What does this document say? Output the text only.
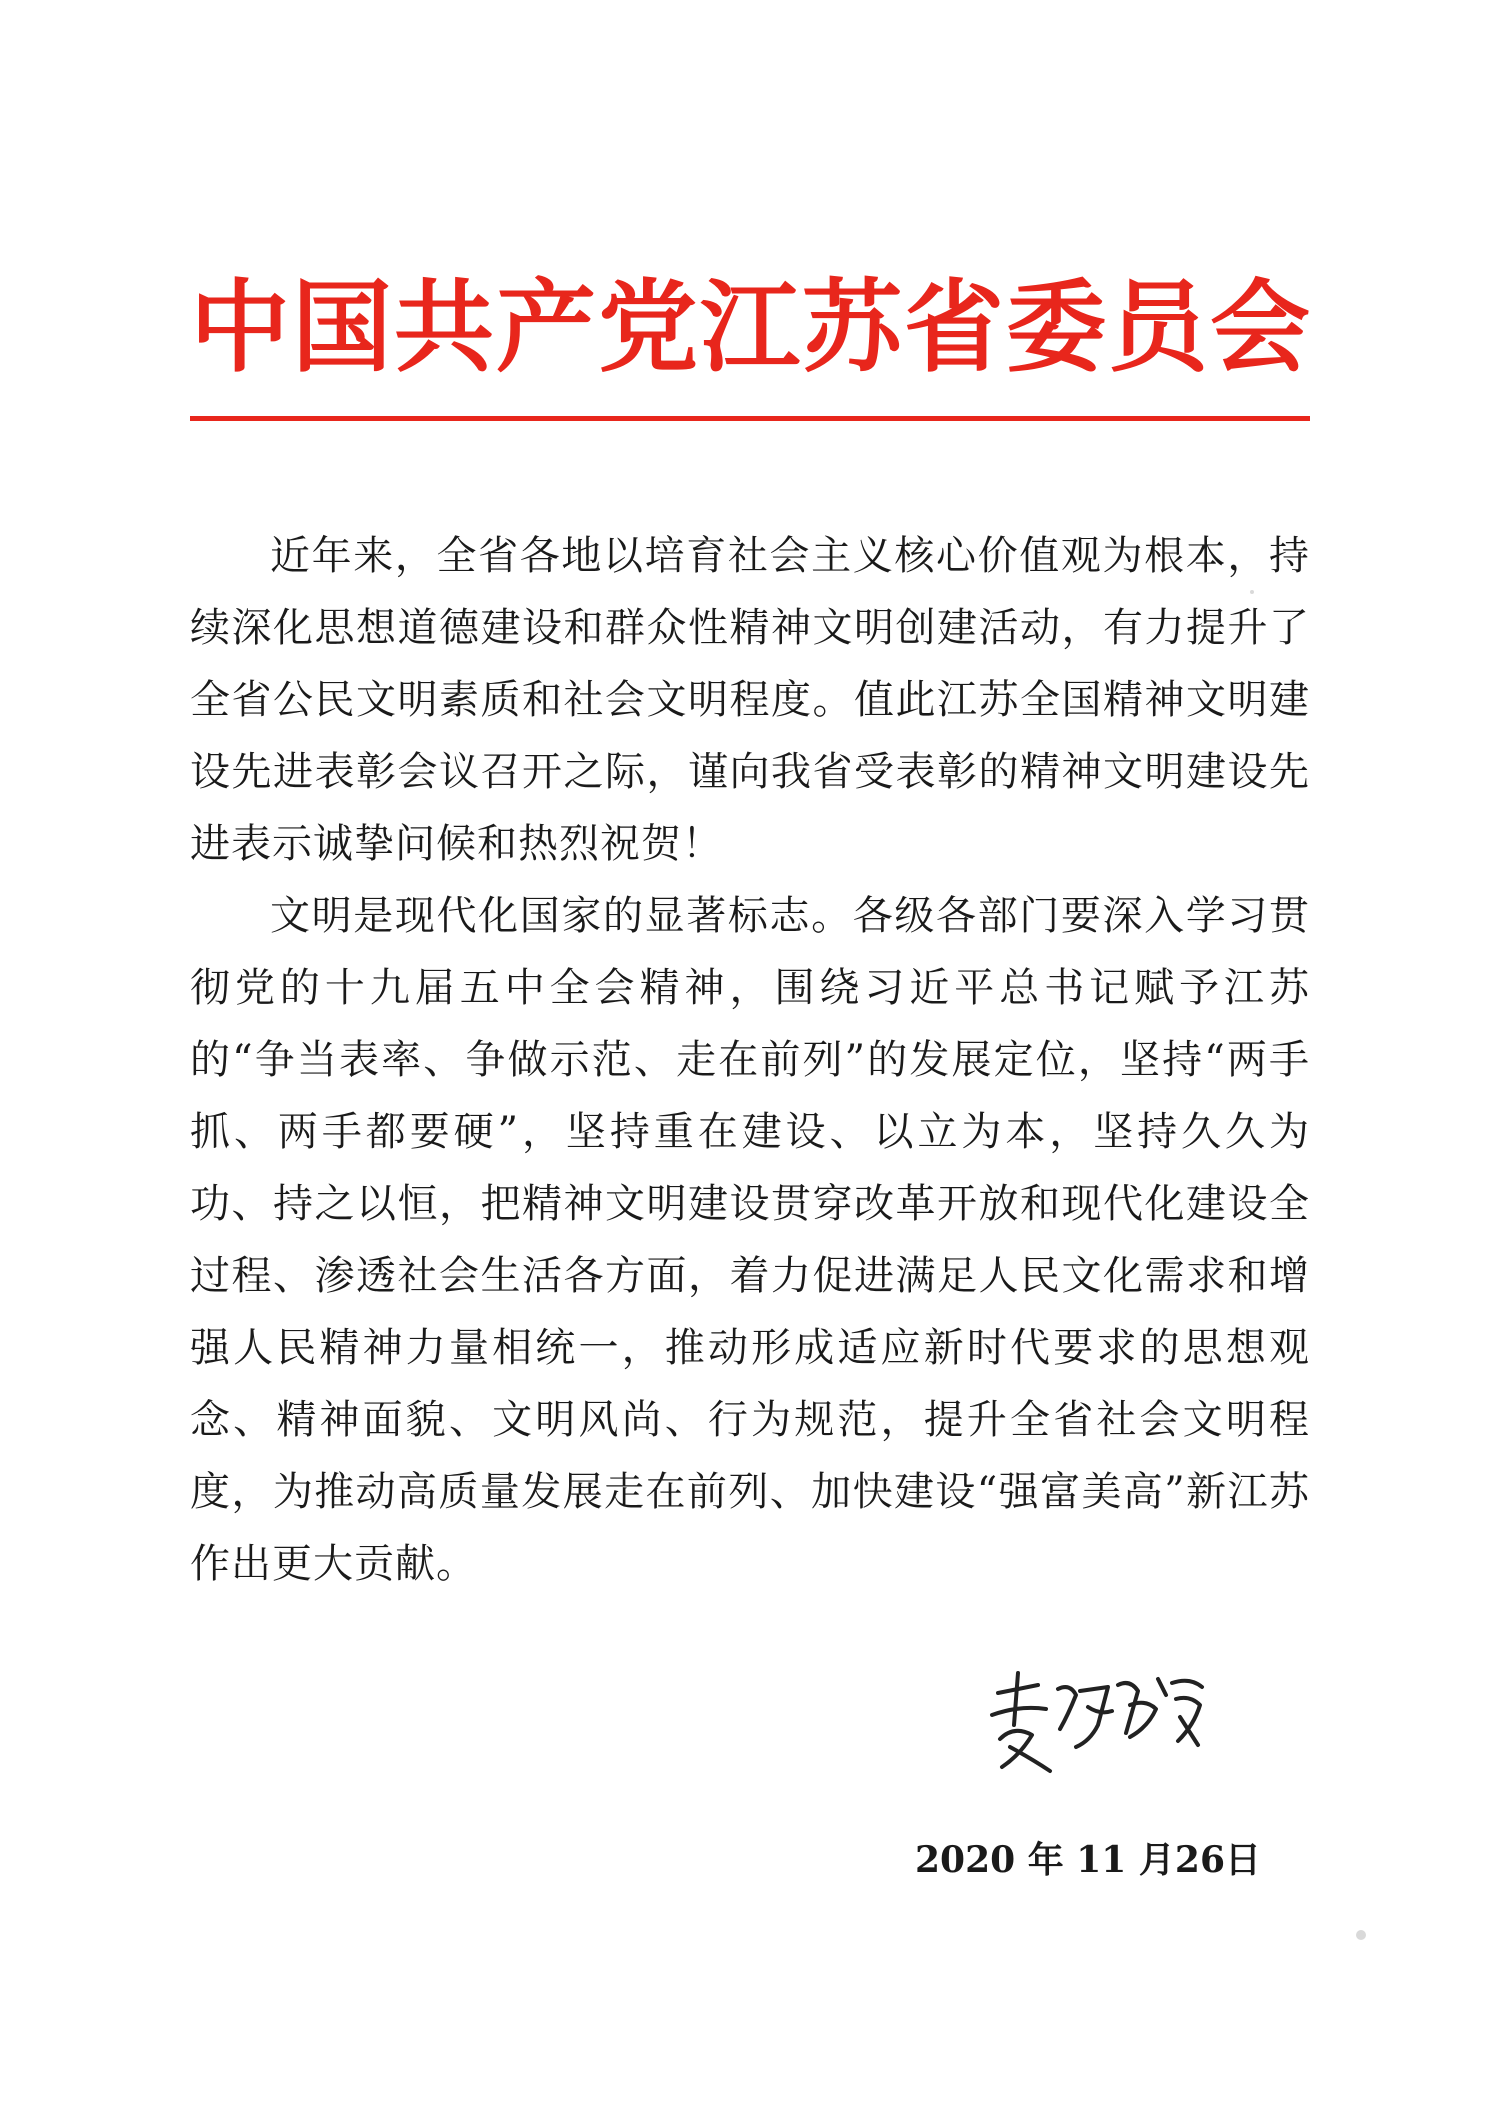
中国共产党江苏省委员会

近年来，全省各地以培育社会主义核心价值观为根本，持续深化思想道德建设和群众性精神文明创建活动，有力提升了全省公民文明素质和社会文明程度。值此江苏全国精神文明建设先进表彰会议召开之际，谨向我省受表彰的精神文明建设先进表示诚挚问候和热烈祝贺！

文明是现代化国家的显著标志。各级各部门要深入学习贯彻党的十九届五中全会精神，围绕习近平总书记赋予江苏的“争当表率、争做示范、走在前列”的发展定位，坚持“两手抓、两手都要硬”，坚持重在建设、以立为本，坚持久久为功、持之以恒，把精神文明建设贯穿改革开放和现代化建设全过程、渗透社会生活各方面，着力促进满足人民文化需求和增强人民精神力量相统一，推动形成适应新时代要求的思想观念、精神面貌、文明风尚、行为规范，提升全省社会文明程度，为推动高质量发展走在前列、加快建设“强富美高”新江苏作出更大贡献。

2020 年 11 月26日
